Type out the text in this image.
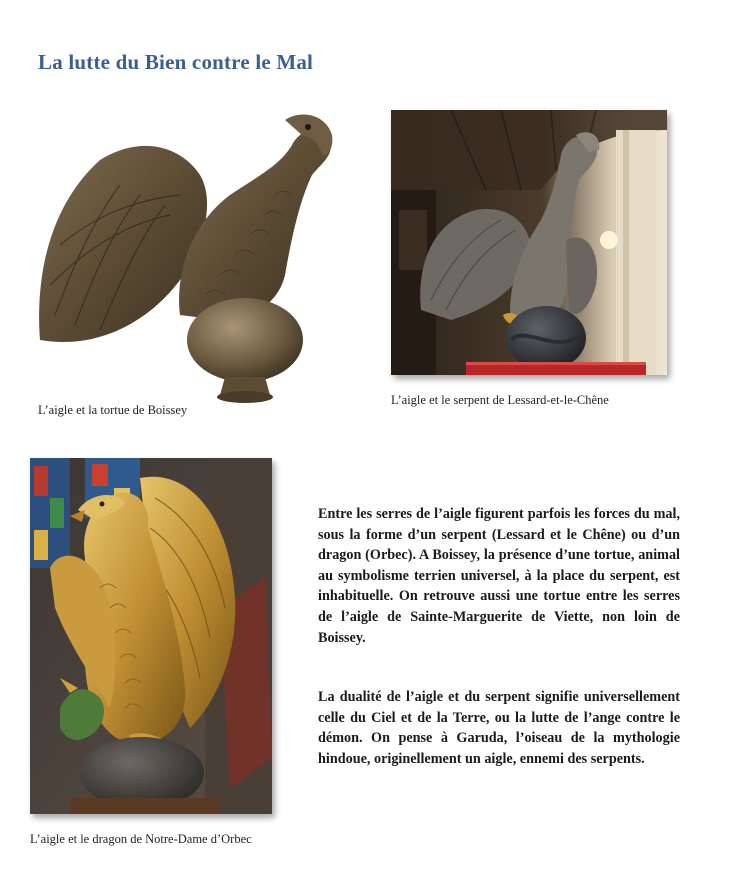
La lutte du Bien contre le Mal
L’aigle et la tortue de Boissey
L’aigle et le serpent de Lessard-et-le-Chêne
L’aigle et le dragon de Notre-Dame d’Orbec

Entre les serres de l’aigle figurent parfois les forces du mal, sous la forme d’un serpent (Lessard et le Chêne) ou d’un dragon (Orbec). A Boissey, la présence d’une tortue, animal au symbolisme terrien universel, à la place du serpent, est inhabituelle. On retrouve aussi une tortue entre les serres de l’aigle de Sainte-Marguerite de Viette, non loin de Boissey.

La dualité de l’aigle et du serpent signifie universellement celle du Ciel et de la Terre, ou la lutte de l’ange contre le démon. On pense à Garuda, l’oiseau de la mythologie hindoue, originellement un aigle, ennemi des serpents.
